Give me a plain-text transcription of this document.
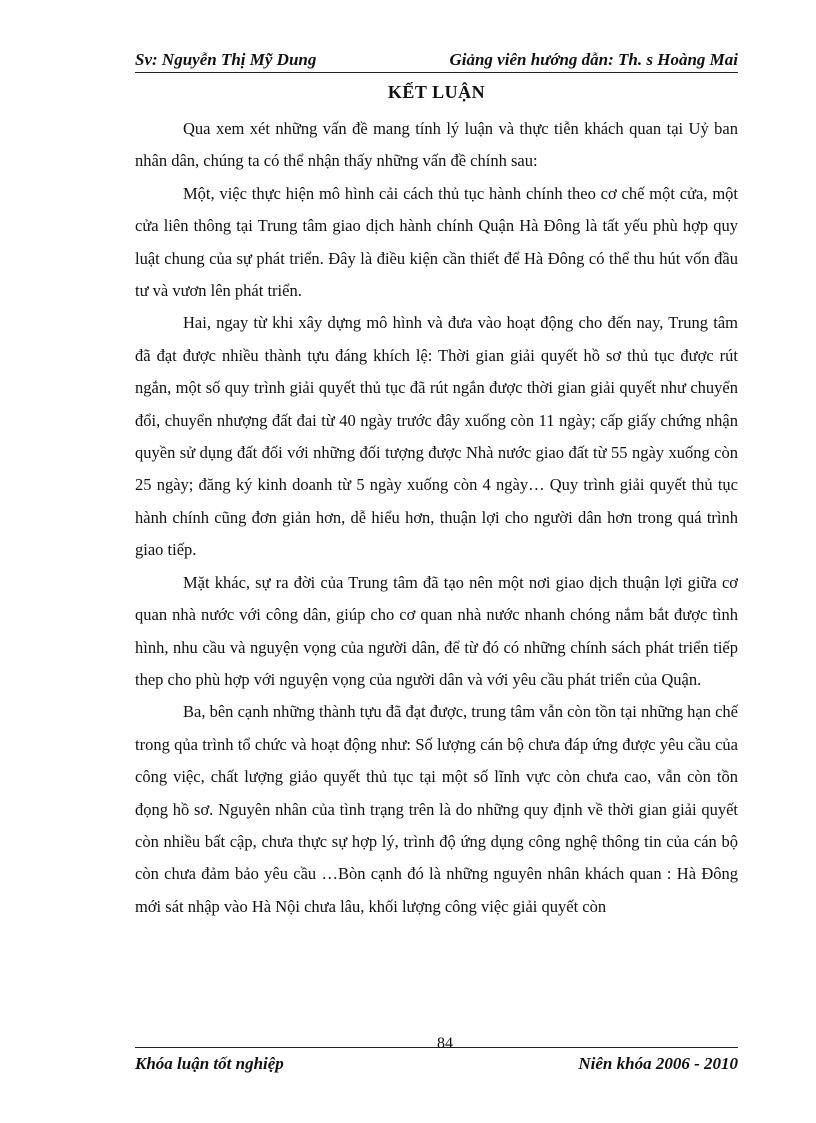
Sv: Nguyễn Thị Mỹ Dung	Giảng viên hướng dẫn: Th. s Hoàng Mai
KẾT LUẬN

Qua xem xét những vấn đề mang tính lý luận và thực tiễn khách quan tại Uỷ ban nhân dân, chúng ta có thể nhận thấy những vấn đề chính sau:

Một, việc thực hiện mô hình cải cách thủ tục hành chính theo cơ chế một cửa, một cửa liên thông tại Trung tâm giao dịch hành chính Quận Hà Đông là tất yếu phù hợp quy luật chung của sự phát triển. Đây là điều kiện cần thiết để Hà Đông có thể thu hút vốn đầu tư và vươn lên phát triển.

Hai, ngay từ khi xây dựng mô hình và đưa vào hoạt động cho đến nay, Trung tâm đã đạt được nhiều thành tựu đáng khích lệ: Thời gian giải quyết hồ sơ thủ tục được rút ngắn, một số quy trình giải quyết thủ tục đã rút ngắn được thời gian giải quyết như chuyển đổi, chuyển nhượng đất đai từ 40 ngày trước đây xuống còn 11 ngày; cấp giấy chứng nhận quyền sử dụng đất đối với những đối tượng được Nhà nước giao đất từ 55 ngày xuống còn 25 ngày; đăng ký kinh doanh từ 5 ngày xuống còn 4 ngày… Quy trình giải quyết thủ tục hành chính cũng đơn giản hơn, dễ hiểu hơn, thuận lợi cho người dân hơn trong quá trình giao tiếp.

Mặt khác, sự ra đời của Trung tâm đã tạo nên một nơi giao dịch thuận lợi giữa cơ quan nhà nước với công dân, giúp cho cơ quan nhà nước nhanh chóng nắm bắt được tình hình, nhu cầu và nguyện vọng của người dân, để từ đó có những chính sách phát triển tiếp thep cho phù hợp với nguyện vọng của người dân và với yêu cầu phát triển của Quận.

Ba, bên cạnh những thành tựu đã đạt được, trung tâm vẫn còn tồn tại những hạn chế trong qủa trình tổ chức và hoạt động như: Số lượng cán bộ chưa đáp ứng được yêu cầu của công việc, chất lượng giảo quyết thủ tục tại một số lĩnh vực còn chưa cao, vẫn còn tồn đọng hồ sơ. Nguyên nhân của tình trạng trên là do những quy định về thời gian giải quyết còn nhiều bất cập, chưa thực sự hợp lý, trình độ ứng dụng công nghệ thông tin của cán bộ còn chưa đảm bảo yêu cầu …Bòn cạnh đó là những nguyên nhân khách quan : Hà Đông mới sát nhập vào Hà Nội chưa lâu, khối lượng công việc giải quyết còn

84
Khóa luận tốt nghiệp	Niên khóa 2006 - 2010
